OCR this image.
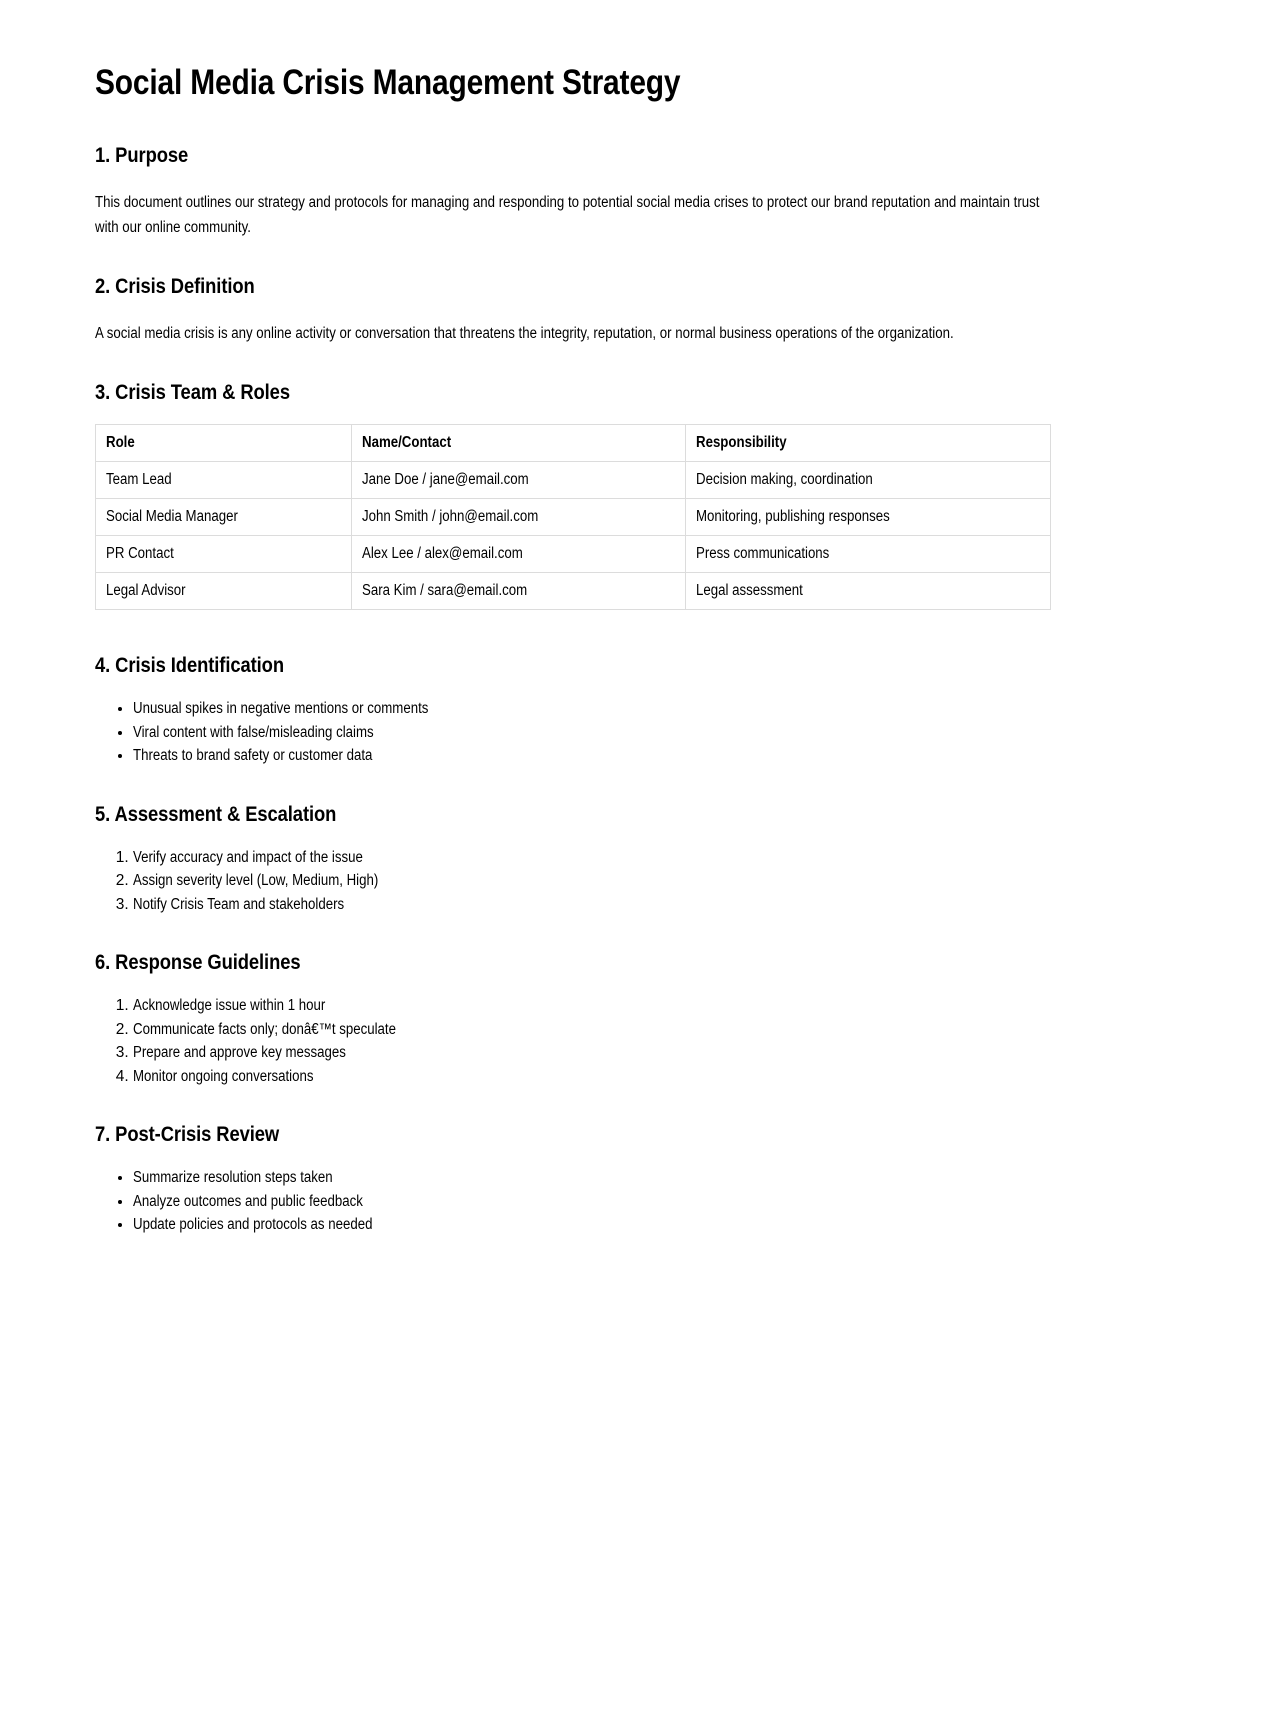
Social Media Crisis Management Strategy
1. Purpose

This document outlines our strategy and protocols for managing and responding to potential social media crises to protect our brand reputation and maintain trust with our online community.

2. Crisis Definition

A social media crisis is any online activity or conversation that threatens the integrity, reputation, or normal business operations of the organization.

3. Crisis Team & Roles
Role	Name/Contact	Responsibility

Team Lead	Jane Doe / jane@email.com	Decision making, coordination

Social Media Manager	John Smith / john@email.com	Monitoring, publishing responses

PR Contact	Alex Lee / alex@email.com	Press communications

Legal Advisor	Sara Kim / sara@email.com	Legal assessment
4. Crisis Identification
• Unusual spikes in negative mentions or comments
• Viral content with false/misleading claims
• Threats to brand safety or customer data
5. Assessment & Escalation
1. Verify accuracy and impact of the issue
2. Assign severity level (Low, Medium, High)
3. Notify Crisis Team and stakeholders
6. Response Guidelines
1. Acknowledge issue within 1 hour
2. Communicate facts only; donâ€™t speculate
3. Prepare and approve key messages
4. Monitor ongoing conversations
7. Post-Crisis Review
• Summarize resolution steps taken
• Analyze outcomes and public feedback
• Update policies and protocols as needed
